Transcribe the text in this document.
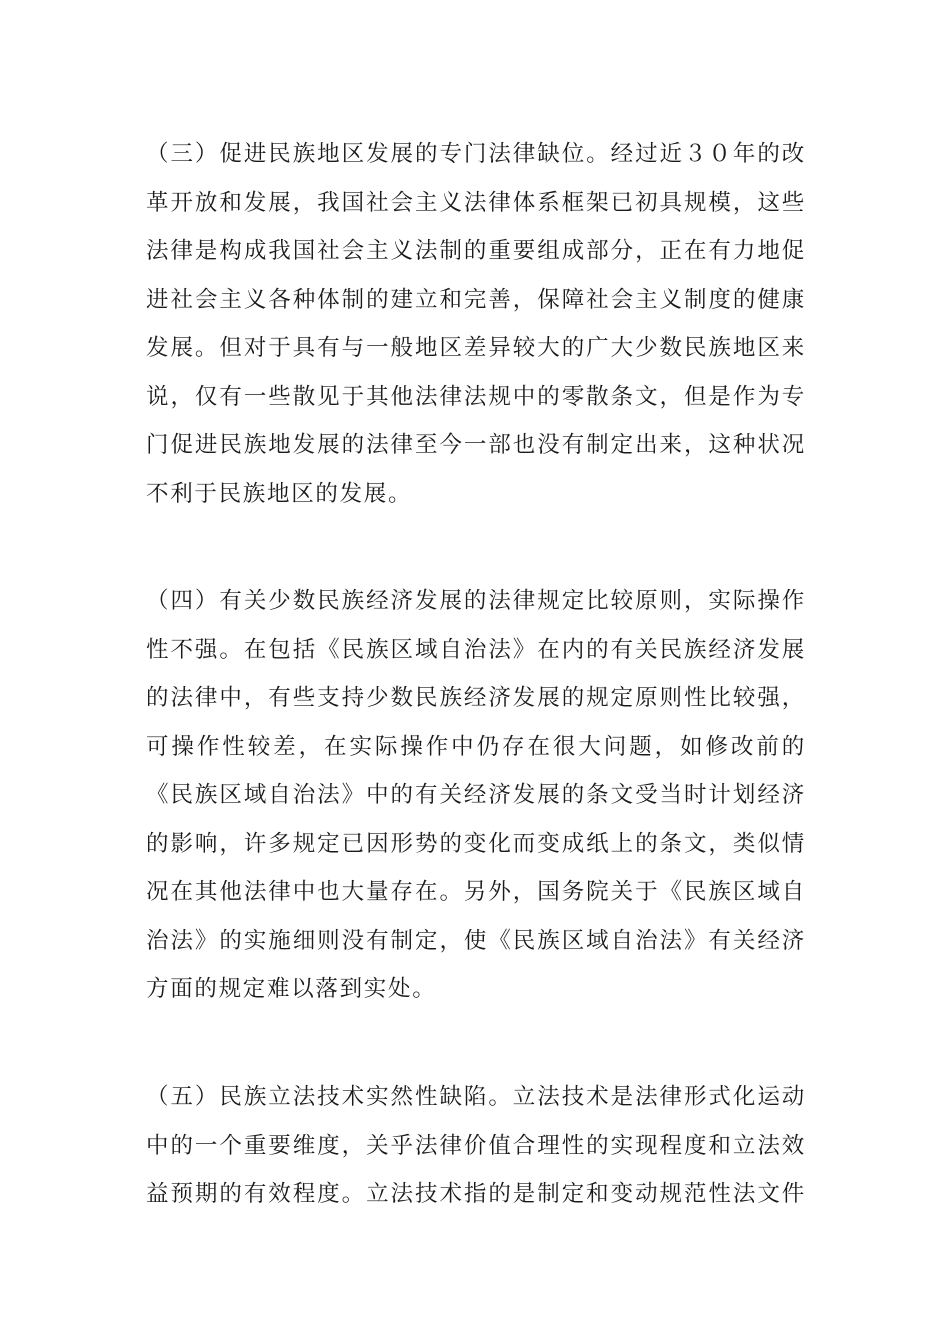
（三）促进民族地区发展的专门法律缺位。经过近３０年的改
革开放和发展，我国社会主义法律体系框架已初具规模，这些
法律是构成我国社会主义法制的重要组成部分，正在有力地促
进社会主义各种体制的建立和完善，保障社会主义制度的健康
发展。但对于具有与一般地区差异较大的广大少数民族地区来
说，仅有一些散见于其他法律法规中的零散条文，但是作为专
门促进民族地发展的法律至今一部也没有制定出来，这种状况
不利于民族地区的发展。

（四）有关少数民族经济发展的法律规定比较原则，实际操作
性不强。在包括《民族区域自治法》在内的有关民族经济发展
的法律中，有些支持少数民族经济发展的规定原则性比较强，
可操作性较差，在实际操作中仍存在很大问题，如修改前的
《民族区域自治法》中的有关经济发展的条文受当时计划经济
的影响，许多规定已因形势的变化而变成纸上的条文，类似情
况在其他法律中也大量存在。另外，国务院关于《民族区域自
治法》的实施细则没有制定，使《民族区域自治法》有关经济
方面的规定难以落到实处。

（五）民族立法技术实然性缺陷。立法技术是法律形式化运动
中的一个重要维度，关乎法律价值合理性的实现程度和立法效
益预期的有效程度。立法技术指的是制定和变动规范性法文件
